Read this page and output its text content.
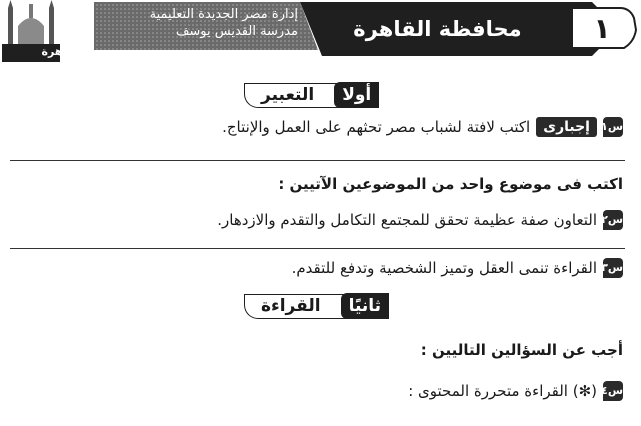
محافظة القاهرة	١
إدارة مصر الجديدة التعليمية
مدرسة القديس يوسف
القاهرة
أولا
التعبير
س١
إجبارى
اكتب لافتة لشباب مصر تحثهم على العمل والإنتاج.
اكتب فى موضوع واحد من الموضوعين الآتيين :
س٢
التعاون صفة عظيمة تحقق للمجتمع التكامل والتقدم والازدهار.
س٣
القراءة تنمى العقل وتميز الشخصية وتدفع للتقدم.
ثانيًا
القراءة
أجب عن السؤالين التاليين :
س٤
(✻) القراءة متحررة المحتوى :
